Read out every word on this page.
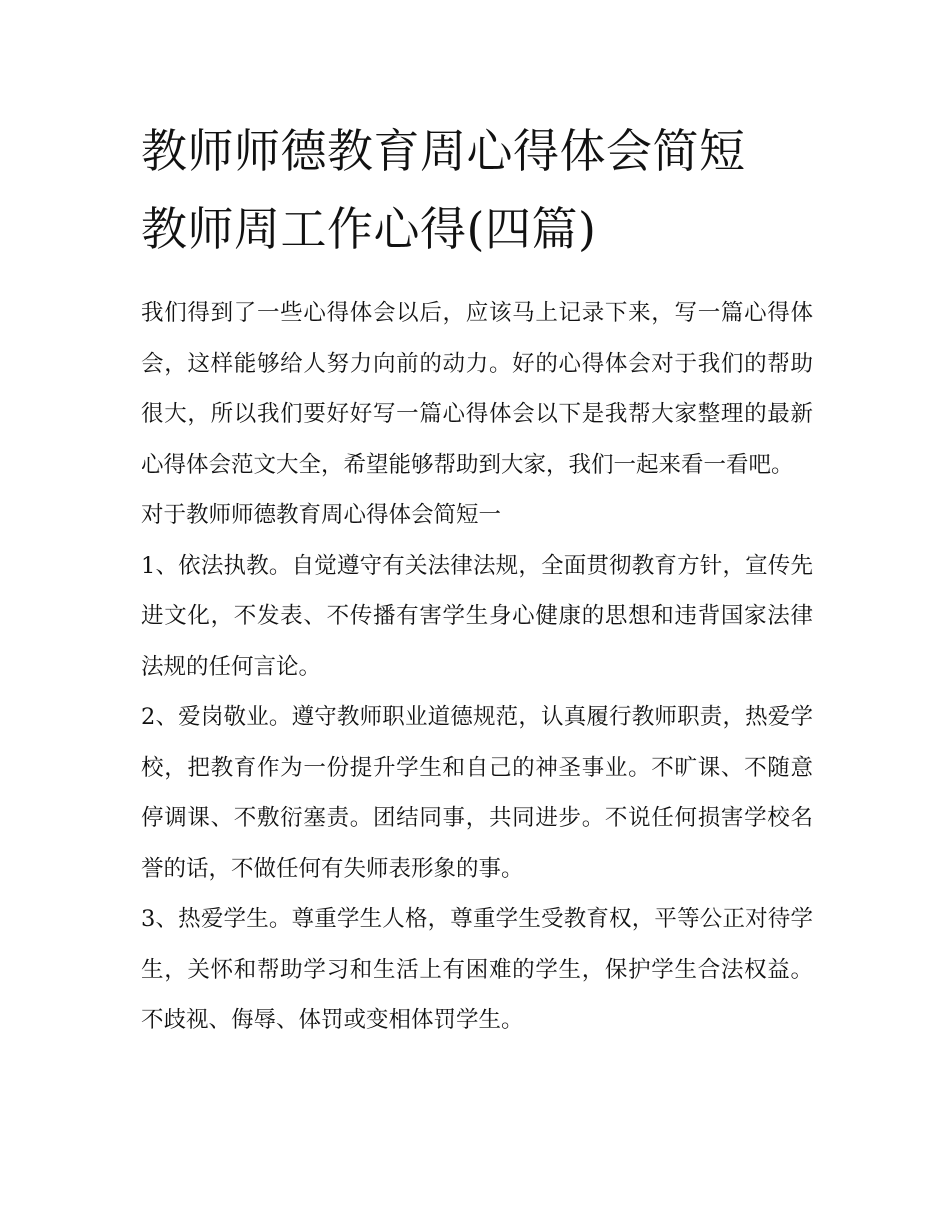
教师师德教育周心得体会简短
教师周工作心得(四篇)

我们得到了一些心得体会以后，应该马上记录下来，写一篇心得体会，这样能够给人努力向前的动力。好的心得体会对于我们的帮助很大，所以我们要好好写一篇心得体会以下是我帮大家整理的最新心得体会范文大全，希望能够帮助到大家，我们一起来看一看吧。

对于教师师德教育周心得体会简短一

1、依法执教。自觉遵守有关法律法规，全面贯彻教育方针，宣传先进文化，不发表、不传播有害学生身心健康的思想和违背国家法律法规的任何言论。

2、爱岗敬业。遵守教师职业道德规范，认真履行教师职责，热爱学校，把教育作为一份提升学生和自己的神圣事业。不旷课、不随意停调课、不敷衍塞责。团结同事，共同进步。不说任何损害学校名誉的话，不做任何有失师表形象的事。

3、热爱学生。尊重学生人格，尊重学生受教育权，平等公正对待学生，关怀和帮助学习和生活上有困难的学生，保护学生合法权益。不歧视、侮辱、体罚或变相体罚学生。
